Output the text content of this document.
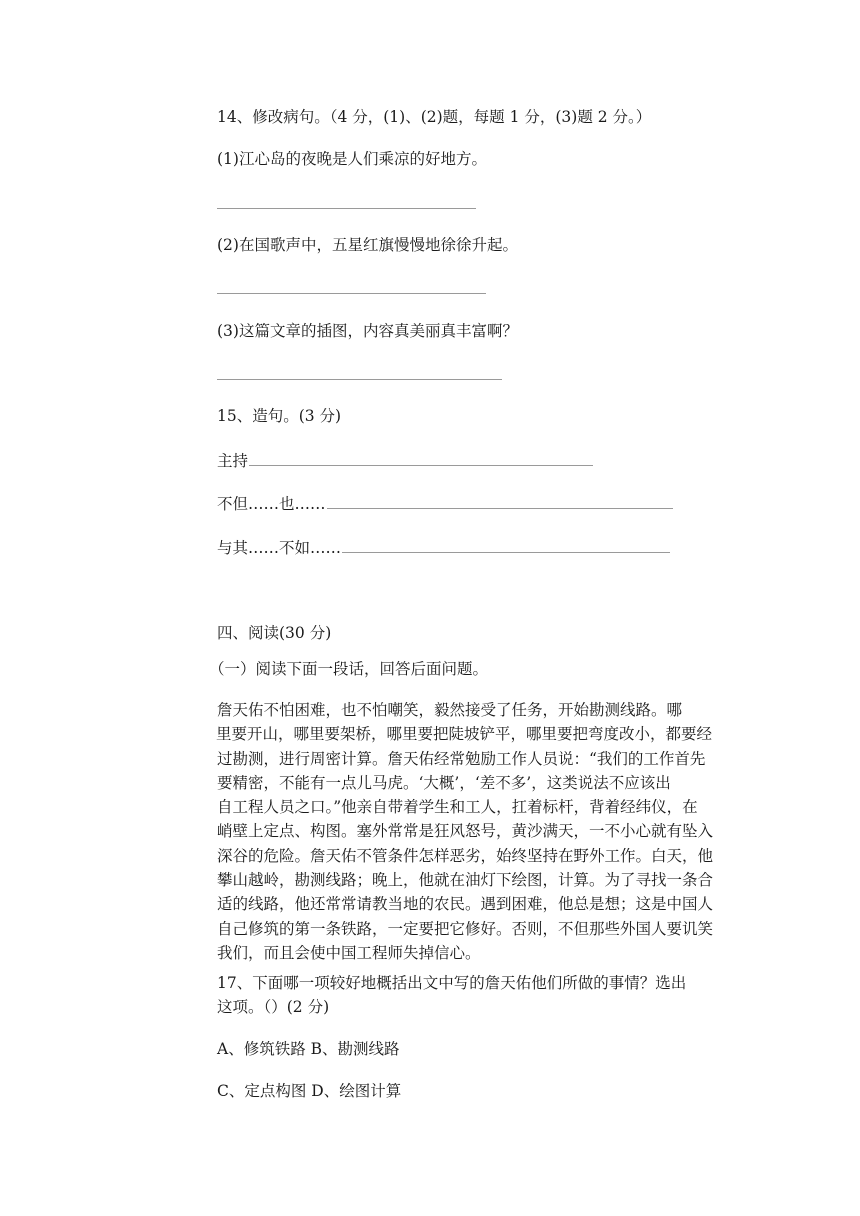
14、修改病句。（4 分，(1)、(2)题，每题 1 分，(3)题 2 分。）
(1)江心岛的夜晚是人们乘凉的好地方。
(2)在国歌声中，五星红旗慢慢地徐徐升起。
(3)这篇文章的插图，内容真美丽真丰富啊？
15、造句。(3 分)
主持
不但……也……
与其……不如……
四、阅读(30 分)
（一）阅读下面一段话，回答后面问题。
詹天佑不怕困难，也不怕嘲笑，毅然接受了任务，开始勘测线路。哪
里要开山，哪里要架桥，哪里要把陡坡铲平，哪里要把弯度改小，都要经
过勘测，进行周密计算。詹天佑经常勉励工作人员说：“我们的工作首先
要精密，不能有一点儿马虎。‘大概’，‘差不多’，这类说法不应该出
自工程人员之口。”他亲自带着学生和工人，扛着标杆，背着经纬仪，在
峭壁上定点、构图。塞外常常是狂风怒号，黄沙满天，一不小心就有坠入
深谷的危险。詹天佑不管条件怎样恶劣，始终坚持在野外工作。白天，他
攀山越岭，勘测线路；晚上，他就在油灯下绘图，计算。为了寻找一条合
适的线路，他还常常请教当地的农民。遇到困难，他总是想；这是中国人
自己修筑的第一条铁路，一定要把它修好。否则，不但那些外国人要讥笑
我们，而且会使中国工程师失掉信心。
17、下面哪一项较好地概括出文中写的詹天佑他们所做的事情？选出
这项。（）(2 分)
A、修筑铁路 B、勘测线路
C、定点构图 D、绘图计算
